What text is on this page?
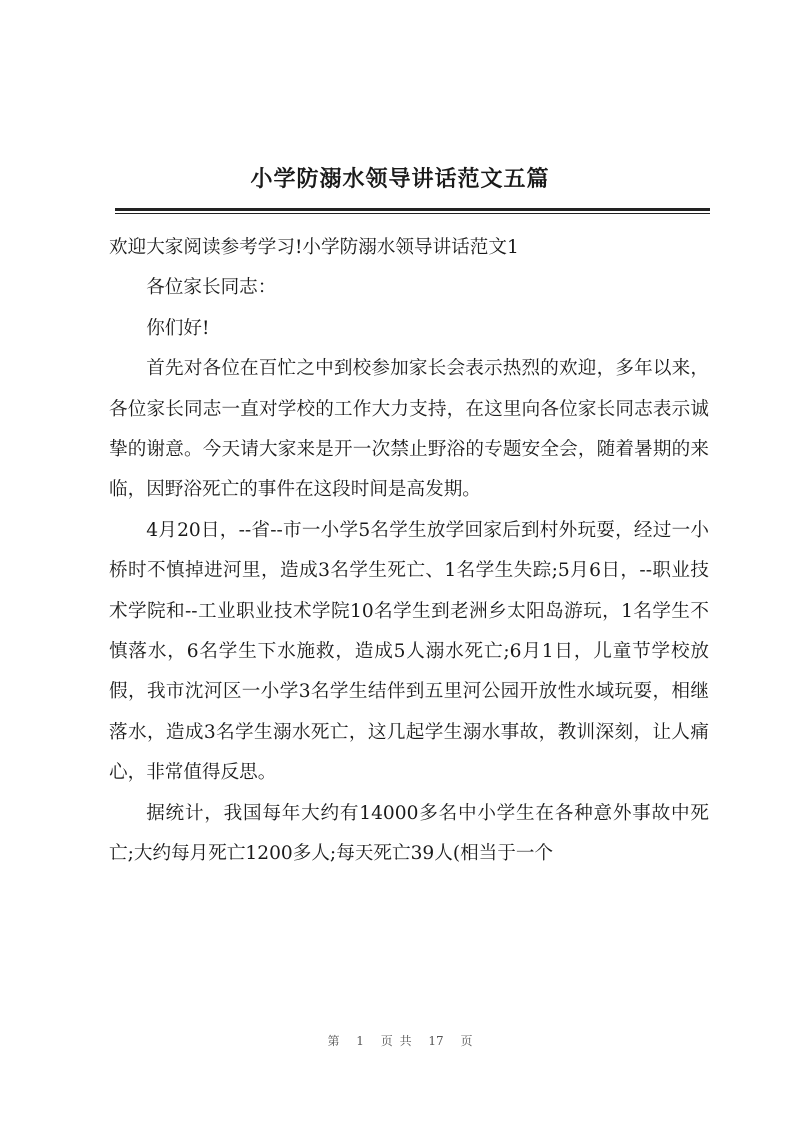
小学防溺水领导讲话范文五篇

欢迎大家阅读参考学习!小学防溺水领导讲话范文1

各位家长同志：

你们好!

首先对各位在百忙之中到校参加家长会表示热烈的欢迎，多年以来，各位家长同志一直对学校的工作大力支持，在这里向各位家长同志表示诚挚的谢意。今天请大家来是开一次禁止野浴的专题安全会，随着暑期的来临，因野浴死亡的事件在这段时间是高发期。

4月20日，--省--市一小学5名学生放学回家后到村外玩耍，经过一小桥时不慎掉进河里，造成3名学生死亡、1名学生失踪;5月6日，--职业技术学院和--工业职业技术学院10名学生到老洲乡太阳岛游玩，1名学生不慎落水，6名学生下水施救，造成5人溺水死亡;6月1日，儿童节学校放假，我市沈河区一小学3名学生结伴到五里河公园开放性水域玩耍，相继落水，造成3名学生溺水死亡，这几起学生溺水事故，教训深刻，让人痛心，非常值得反思。

据统计，我国每年大约有14000多名中小学生在各种意外事故中死亡;大约每月死亡1200多人;每天死亡39人(相当于一个

第 1 页 共 17 页
